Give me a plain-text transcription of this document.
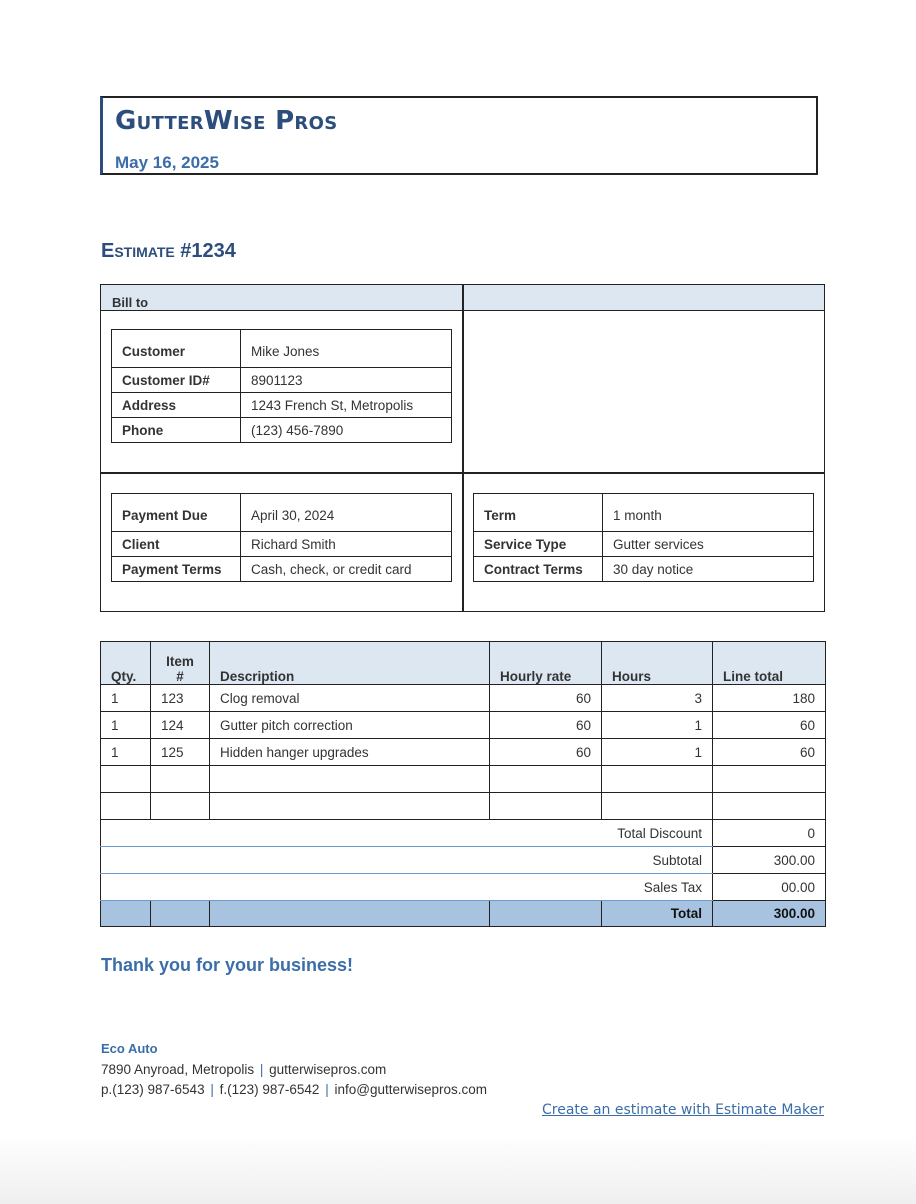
GutterWise Pros
May 16, 2025
Estimate #1234
Bill to
Customer	Mike Jones
Customer ID#	8901123
Address	1243 French St, Metropolis
Phone	(123) 456-7890
Payment Due	April 30, 2024
Client	Richard Smith
Payment Terms	Cash, check, or credit card
Term	1 month
Service Type	Gutter services
Contract Terms	30 day notice
Qty.	Item #	Description	Hourly rate	Hours	Line total
1	123	Clog removal	60	3	180
1	124	Gutter pitch correction	60	1	60
1	125	Hidden hanger upgrades	60	1	60

Total Discount					0
Subtotal					300.00
Sales Tax					00.00
				Total	300.00
Thank you for your business!
Eco Auto
7890 Anyroad, Metropolis | gutterwisepros.com
p.(123) 987-6543 | f.(123) 987-6542 | info@gutterwisepros.com
Create an estimate with Estimate Maker
